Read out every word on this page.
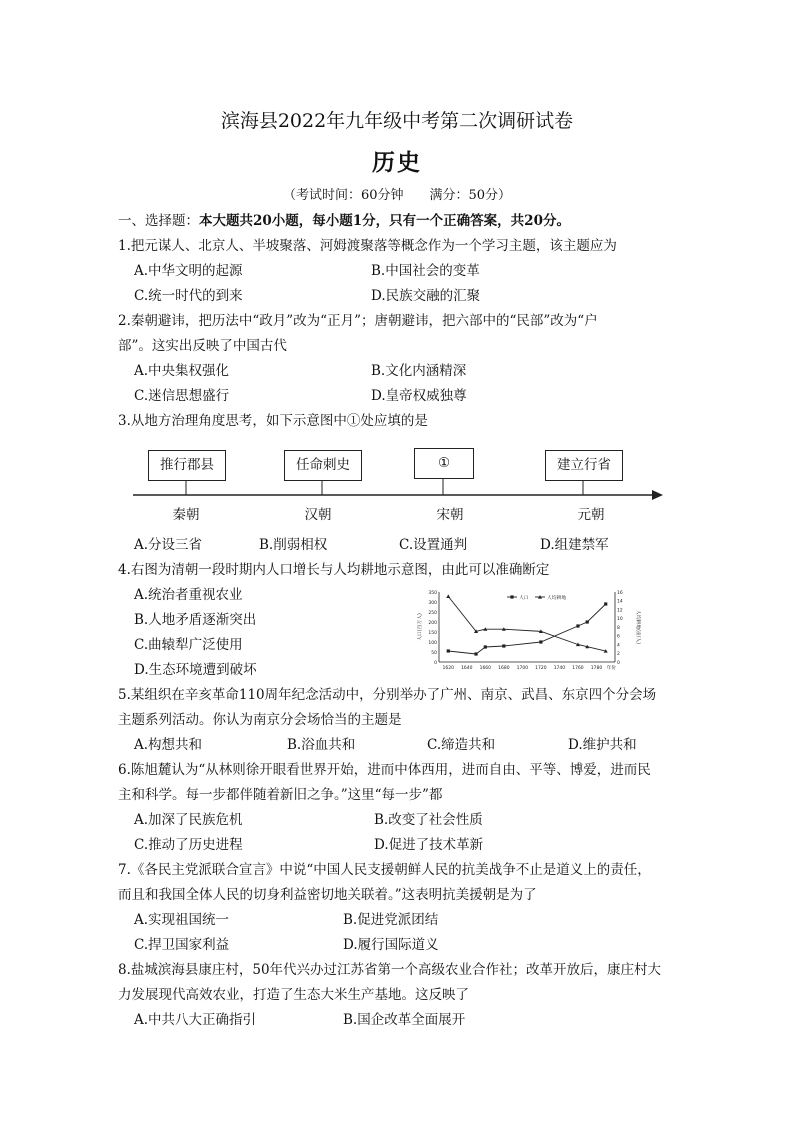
滨海县2022年九年级中考第二次调研试卷
历史
（考试时间：60分钟　　满分：50分）
一、选择题：本大题共20小题，每小题1分，只有一个正确答案，共20分。
1.把元谋人、北京人、半坡聚落、河姆渡聚落等概念作为一个学习主题，该主题应为
A.中华文明的起源	B.中国社会的变革
C.统一时代的到来	D.民族交融的汇聚
2.秦朝避讳，把历法中“政月”改为“正月”；唐朝避讳，把六部中的“民部”改为“户
部”。这实出反映了中国古代
A.中央集权强化	B.文化内涵精深
C.迷信思想盛行	D.皇帝权威独尊
3.从地方治理角度思考，如下示意图中①处应填的是
推行郡县	任命刺史	①	建立行省
秦朝	汉朝	宋朝	元朝
A.分设三省	B.削弱相权	C.设置通判	D.组建禁军
4.右图为清朝一段时期内人口增长与人均耕地示意图，由此可以准确断定
A.统治者重视农业
B.人地矛盾逐渐突出
C.曲辕犁广泛使用
D.生态环境遭到破坏	0
50
100
150
200
250
300
350
0
2
4
6
8
10
12
14
16
1620 1640 1660 1680 1700 1720 1740 1760 1780 年份
人口(百万人)	人均耕地(亩/人)
人口	人均耕地
5.某组织在辛亥革命110周年纪念活动中，分别举办了广州、南京、武昌、东京四个分会场
主题系列活动。你认为南京分会场恰当的主题是
A.构想共和	B.浴血共和	C.缔造共和	D.维护共和
6.陈旭麓认为“从林则徐开眼看世界开始，进而中体西用，进而自由、平等、博爱，进而民
主和科学。每一步都伴随着新旧之争。”这里“每一步”都
A.加深了民族危机	B.改变了社会性质
C.推动了历史进程	D.促进了技术革新
7.《各民主党派联合宣言》中说“中国人民支援朝鲜人民的抗美战争不止是道义上的责任，
而且和我国全体人民的切身利益密切地关联着。”这表明抗美援朝是为了
A.实现祖国统一	B.促进党派团结
C.捍卫国家利益	D.履行国际道义
8.盐城滨海县康庄村，50年代兴办过江苏省第一个高级农业合作社；改革开放后，康庄村大
力发展现代高效农业，打造了生态大米生产基地。这反映了
A.中共八大正确指引	B.国企改革全面展开
